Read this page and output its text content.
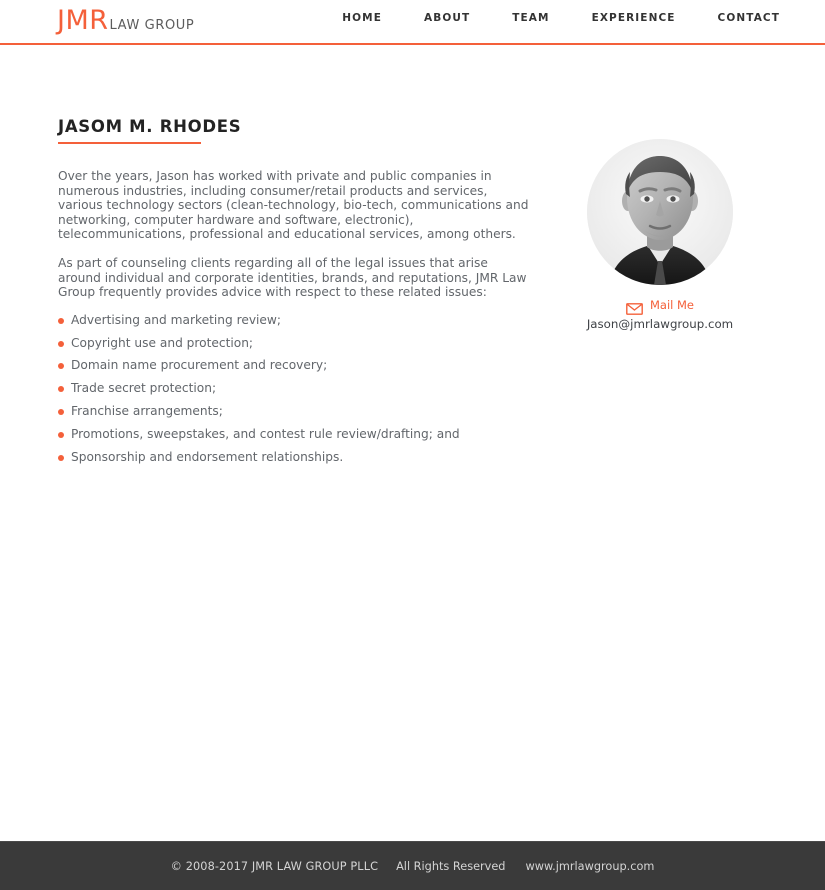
JMR LAW GROUP	HOME	ABOUT	TEAM	EXPERIENCE	CONTACT
JASOM M. RHODES

Over the years, Jason has worked with private and public companies in numerous industries, including consumer/retail products and services, various technology sectors (clean-technology, bio-tech, communications and networking, computer hardware and software, electronic), telecommunications, professional and educational services, among others.

As part of counseling clients regarding all of the legal issues that arise around individual and corporate identities, brands, and reputations, JMR Law Group frequently provides advice with respect to these related issues:

Advertising and marketing review;
Copyright use and protection;
Domain name procurement and recovery;
Trade secret protection;
Franchise arrangements;
Promotions, sweepstakes, and contest rule review/drafting; and
Sponsorship and endorsement relationships.
Mail Me
Jason@jmrlawgroup.com
© 2008-2017 JMR LAW GROUP PLLC All Rights Reserved www.jmrlawgroup.com
